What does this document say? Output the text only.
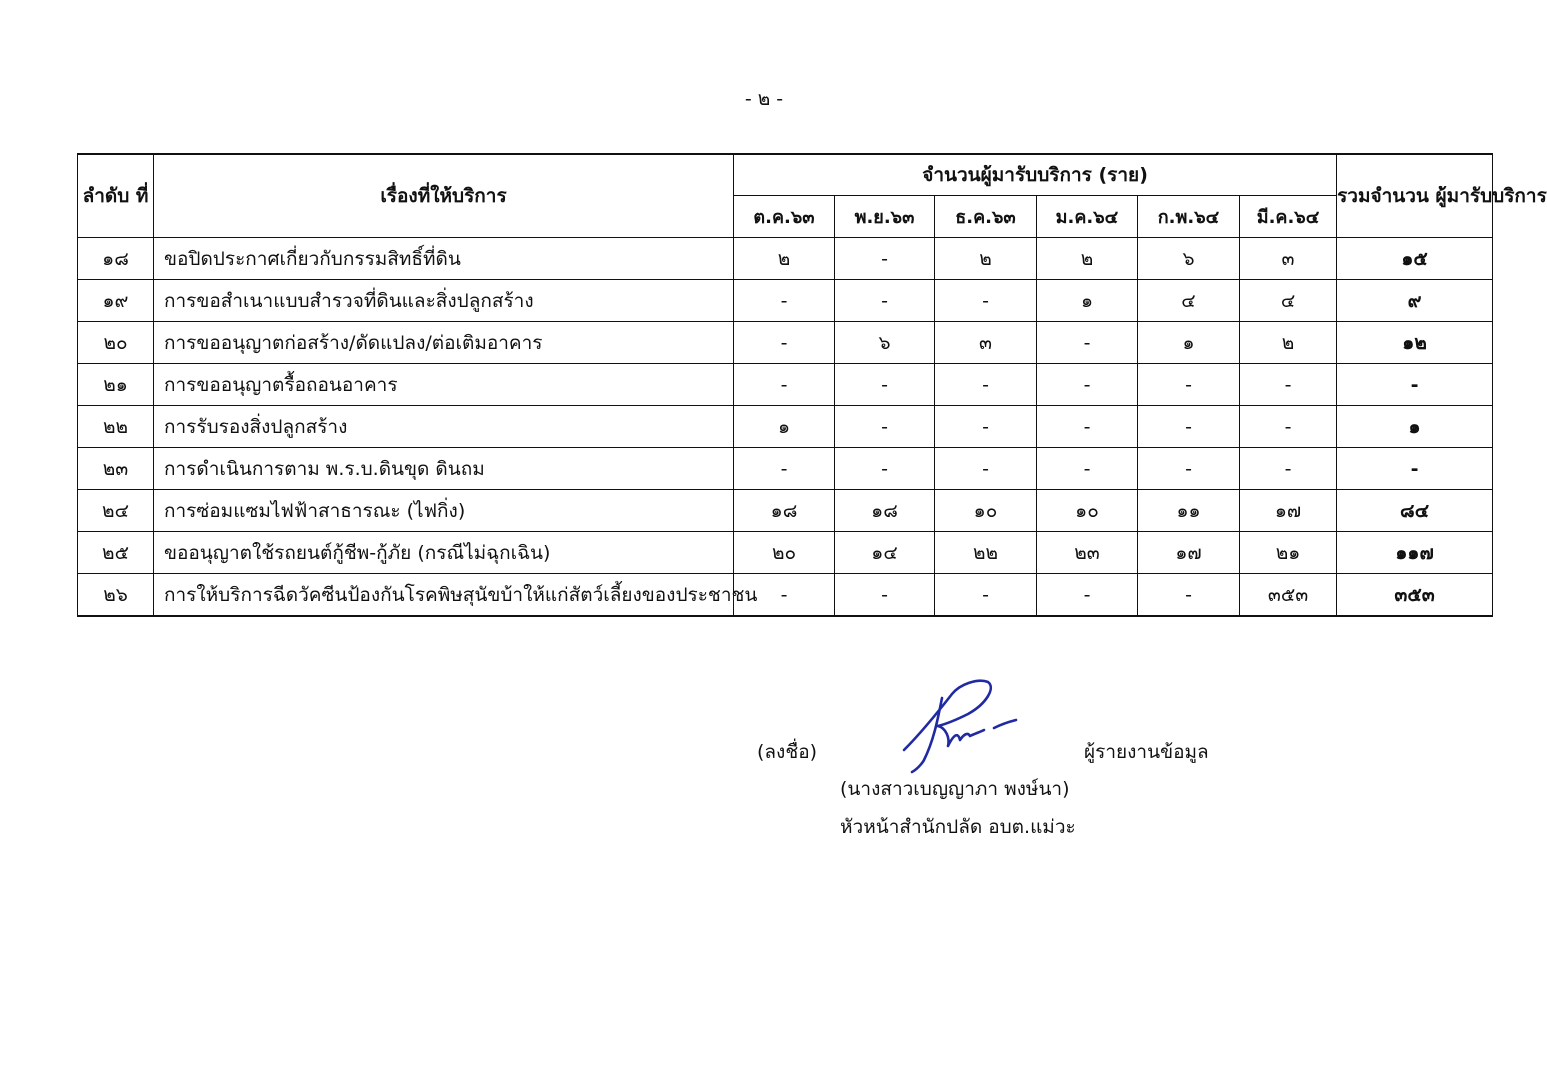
- ๒ -
ลำดับ ที่	เรื่องที่ให้บริการ	จำนวนผู้มารับบริการ (ราย)						รวมจำนวน ผู้มารับบริการ
		ต.ค.๖๓	พ.ย.๖๓	ธ.ค.๖๓	ม.ค.๖๔	ก.พ.๖๔	มี.ค.๖๔	
๑๘	ขอปิดประกาศเกี่ยวกับกรรมสิทธิ์ที่ดิน	๒	-	๒	๒	๖	๓	๑๕
๑๙	การขอสำเนาแบบสำรวจที่ดินและสิ่งปลูกสร้าง	-	-	-	๑	๔	๔	๙
๒๐	การขออนุญาตก่อสร้าง/ดัดแปลง/ต่อเติมอาคาร	-	๖	๓	-	๑	๒	๑๒
๒๑	การขออนุญาตรื้อถอนอาคาร	-	-	-	-	-	-	-
๒๒	การรับรองสิ่งปลูกสร้าง	๑	-	-	-	-	-	๑
๒๓	การดำเนินการตาม พ.ร.บ.ดินขุด ดินถม	-	-	-	-	-	-	-
๒๔	การซ่อมแซมไฟฟ้าสาธารณะ (ไฟกิ่ง)	๑๘	๑๘	๑๐	๑๐	๑๑	๑๗	๘๔
๒๕	ขออนุญาตใช้รถยนต์กู้ชีพ-กู้ภัย (กรณีไม่ฉุกเฉิน)	๒๐	๑๔	๒๒	๒๓	๑๗	๒๑	๑๑๗
๒๖	การให้บริการฉีดวัคซีนป้องกันโรคพิษสุนัขบ้าให้แก่สัตว์เลี้ยงของประชาชน	-	-	-	-	-	๓๕๓	๓๕๓
(ลงชื่อ)	ผู้รายงานข้อมูล
(นางสาวเบญญาภา พงษ์นา)
หัวหน้าสำนักปลัด อบต.แม่วะ
